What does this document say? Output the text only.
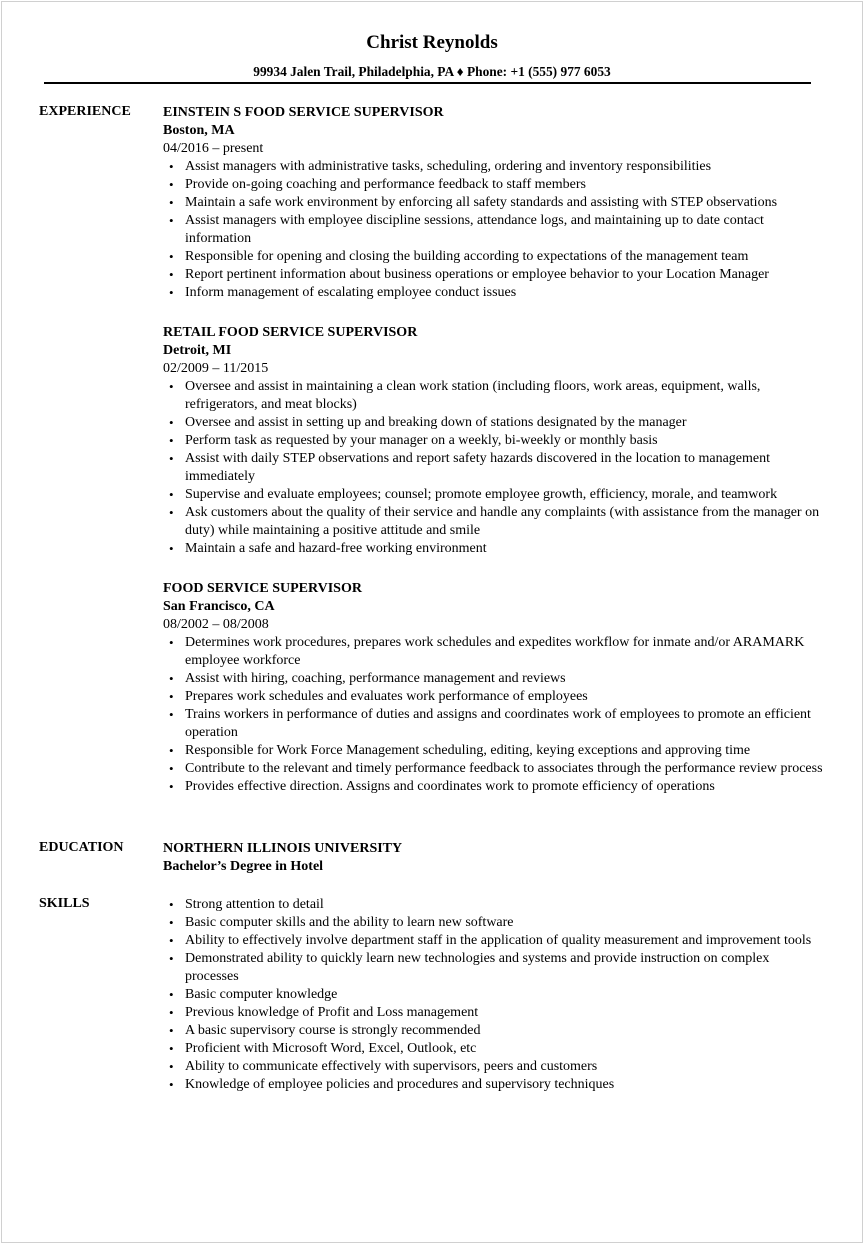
Christ Reynolds
99934 Jalen Trail, Philadelphia, PA ♦ Phone: +1 (555) 977 6053
EXPERIENCE EINSTEIN S FOOD SERVICE SUPERVISOR
Boston, MA
04/2016 – present
• Assist managers with administrative tasks, scheduling, ordering and inventory responsibilities
• Provide on-going coaching and performance feedback to staff members
• Maintain a safe work environment by enforcing all safety standards and assisting with STEP observations
• Assist managers with employee discipline sessions, attendance logs, and maintaining up to date contact information
• Responsible for opening and closing the building according to expectations of the management team
• Report pertinent information about business operations or employee behavior to your Location Manager
• Inform management of escalating employee conduct issues
RETAIL FOOD SERVICE SUPERVISOR
Detroit, MI
02/2009 – 11/2015
• Oversee and assist in maintaining a clean work station (including floors, work areas, equipment, walls, refrigerators, and meat blocks)
• Oversee and assist in setting up and breaking down of stations designated by the manager
• Perform task as requested by your manager on a weekly, bi-weekly or monthly basis
• Assist with daily STEP observations and report safety hazards discovered in the location to management immediately
• Supervise and evaluate employees; counsel; promote employee growth, efficiency, morale, and teamwork
• Ask customers about the quality of their service and handle any complaints (with assistance from the manager on duty) while maintaining a positive attitude and smile
• Maintain a safe and hazard-free working environment
FOOD SERVICE SUPERVISOR
San Francisco, CA
08/2002 – 08/2008
• Determines work procedures, prepares work schedules and expedites workflow for inmate and/or ARAMARK employee workforce
• Assist with hiring, coaching, performance management and reviews
• Prepares work schedules and evaluates work performance of employees
• Trains workers in performance of duties and assigns and coordinates work of employees to promote an efficient operation
• Responsible for Work Force Management scheduling, editing, keying exceptions and approving time
• Contribute to the relevant and timely performance feedback to associates through the performance review process
• Provides effective direction. Assigns and coordinates work to promote efficiency of operations
EDUCATION	NORTHERN ILLINOIS UNIVERSITY
Bachelor’s Degree in Hotel
SKILLS
•	Strong attention to detail
• Basic computer skills and the ability to learn new software
• Ability to effectively involve department staff in the application of quality measurement and improvement tools
• Demonstrated ability to quickly learn new technologies and systems and provide instruction on complex processes
• Basic computer knowledge
• Previous knowledge of Profit and Loss management
• A basic supervisory course is strongly recommended
• Proficient with Microsoft Word, Excel, Outlook, etc
• Ability to communicate effectively with supervisors, peers and customers
• Knowledge of employee policies and procedures and supervisory techniques
